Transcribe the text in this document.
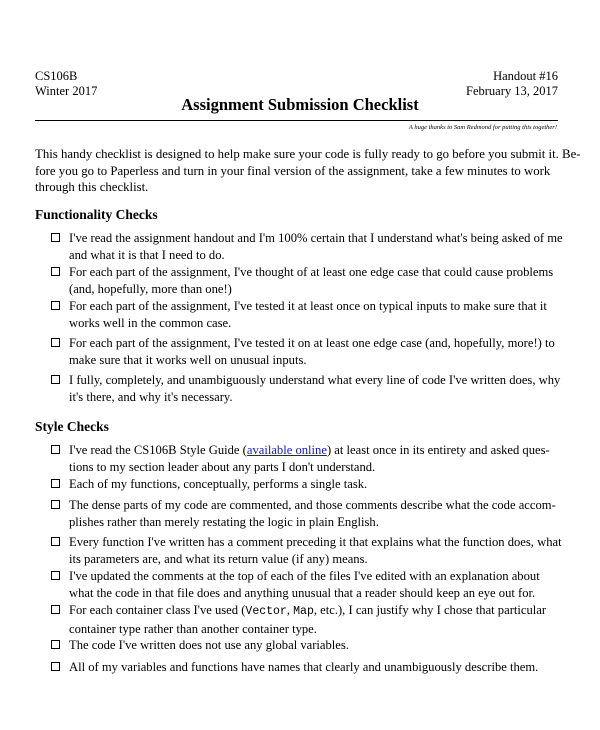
CS106B
Winter 2017
Handout #16
February 13, 2017
Assignment Submission Checklist
A huge thanks to Sam Redmond for putting this together!
This handy checklist is designed to help make sure your code is fully ready to go before you submit it. Be-
fore you go to Paperless and turn in your final version of the assignment, take a few minutes to work
through this checklist.
Functionality Checks
I've read the assignment handout and I'm 100% certain that I understand what's being asked of me
and what it is that I need to do.
For each part of the assignment, I've thought of at least one edge case that could cause problems
(and, hopefully, more than one!)
For each part of the assignment, I've tested it at least once on typical inputs to make sure that it
works well in the common case.
For each part of the assignment, I've tested it on at least one edge case (and, hopefully, more!) to
make sure that it works well on unusual inputs.
I fully, completely, and unambiguously understand what every line of code I've written does, why
it's there, and why it's necessary.
Style Checks
I've read the CS106B Style Guide (available online) at least once in its entirety and asked ques-
tions to my section leader about any parts I don't understand.
Each of my functions, conceptually, performs a single task.
The dense parts of my code are commented, and those comments describe what the code accom-
plishes rather than merely restating the logic in plain English.
Every function I've written has a comment preceding it that explains what the function does, what
its parameters are, and what its return value (if any) means.
I've updated the comments at the top of each of the files I've edited with an explanation about
what the code in that file does and anything unusual that a reader should keep an eye out for.
For each container class I've used (Vector, Map, etc.), I can justify why I chose that particular
container type rather than another container type.
The code I've written does not use any global variables.
All of my variables and functions have names that clearly and unambiguously describe them.
